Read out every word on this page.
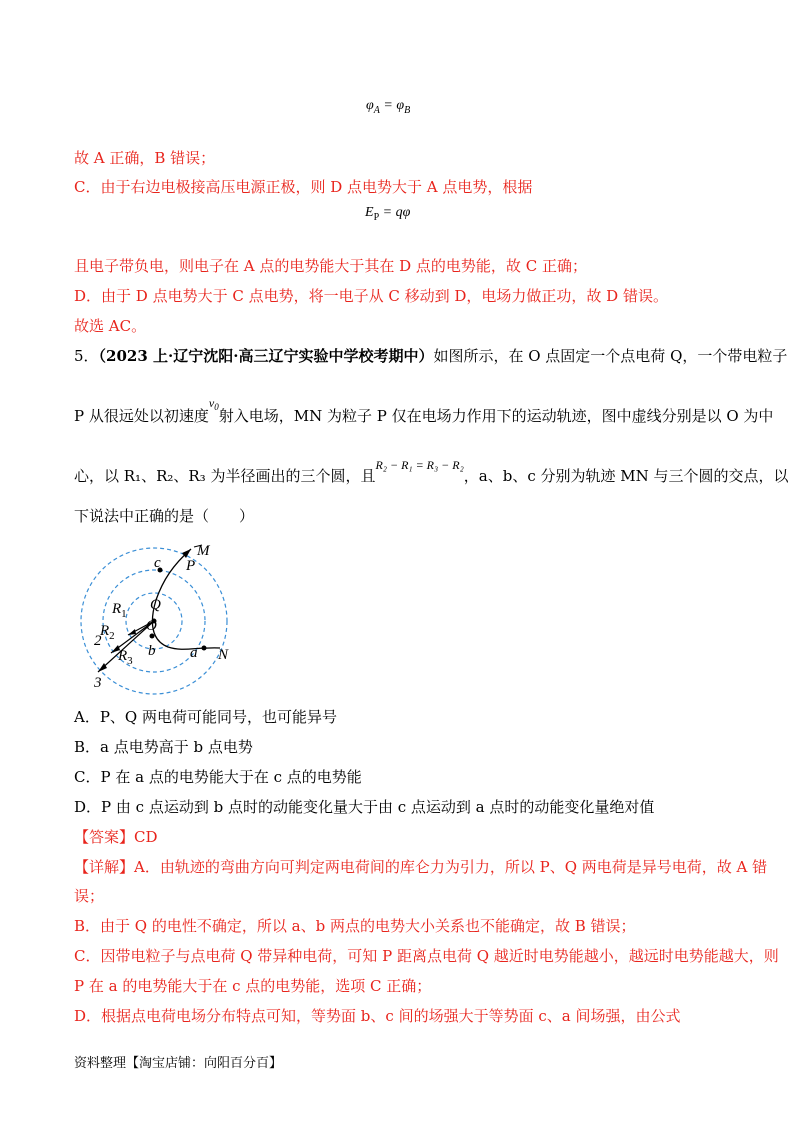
$\varphi_A = \varphi_B$
故 A 正确，B 错误；
C．由于右边电极接高压电源正极，则 D 点电势大于 A 点电势，根据
$E_P = q\varphi$
且电子带负电，则电子在 A 点的电势能大于其在 D 点的电势能，故 C 正确；
D．由于 D 点电势大于 C 点电势，将一电子从 C 移动到 D，电场力做正功，故 D 错误。
故选 AC。
5．（2023 上·辽宁沈阳·高三辽宁实验中学校考期中）如图所示，在 O 点固定一个点电荷 Q，一个带电粒子
P 从很远处以初速度$^{v_0}$射入电场，MN 为粒子 P 仅在电场力作用下的运动轨迹，图中虚线分别是以 O 为中
心，以 R₁、R₂、R₃ 为半径画出的三个圆，且$^{R_2 - R_1 = R_3 - R_2}$，a、b、c 分别为轨迹 MN 与三个圆的交点，以
下说法中正确的是（　　）
M
P
c
Q
O
$R_1$
$R_2$
2
$R_3$
3
b a N
A．P、Q 两电荷可能同号，也可能异号
B．a 点电势高于 b 点电势
C．P 在 a 点的电势能大于在 c 点的电势能
D．P 由 c 点运动到 b 点时的动能变化量大于由 c 点运动到 a 点时的动能变化量绝对值
【答案】CD
【详解】A．由轨迹的弯曲方向可判定两电荷间的库仑力为引力，所以 P、Q 两电荷是异号电荷，故 A 错
误；
B．由于 Q 的电性不确定，所以 a、b 两点的电势大小关系也不能确定，故 B 错误；
C．因带电粒子与点电荷 Q 带异种电荷，可知 P 距离点电荷 Q 越近时电势能越小，越远时电势能越大，则
P 在 a 的电势能大于在 c 点的电势能，选项 C 正确；
D．根据点电荷电场分布特点可知，等势面 b、c 间的场强大于等势面 c、a 间场强，由公式
资料整理【淘宝店铺：向阳百分百】
